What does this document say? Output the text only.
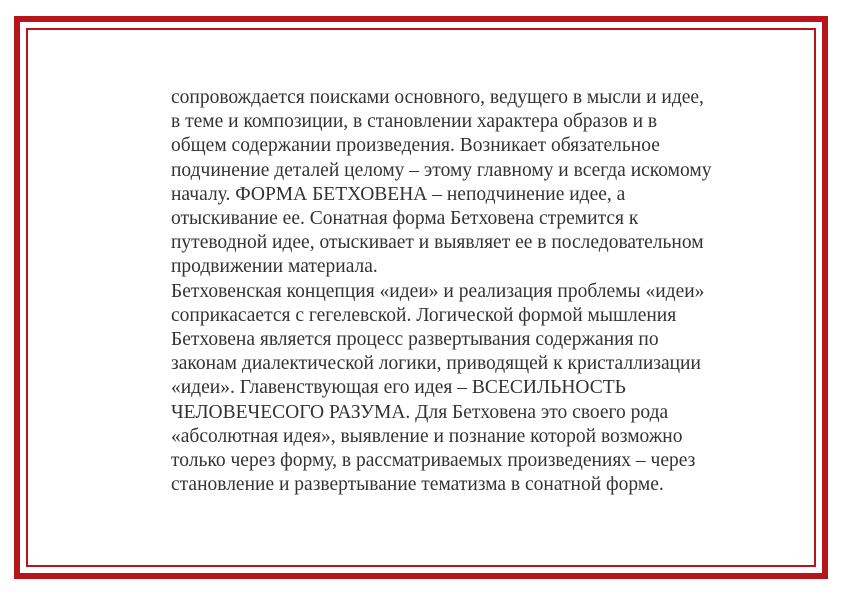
сопровождается поисками основного, ведущего в мысли и идее,
в теме и композиции, в становлении характера образов и в
общем содержании произведения. Возникает обязательное
подчинение деталей целому – этому главному и всегда искомому
началу. ФОРМА БЕТХОВЕНА – неподчинение идее, а
отыскивание ее. Сонатная форма Бетховена стремится к
путеводной идее, отыскивает и выявляет ее в последовательном
продвижении материала.
Бетховенская концепция «идеи» и реализация проблемы «идеи»
соприкасается с гегелевской. Логической формой мышления
Бетховена является процесс развертывания содержания по
законам диалектической логики, приводящей к кристаллизации
«идеи». Главенствующая его идея – ВСЕСИЛЬНОСТЬ
ЧЕЛОВЕЧЕСОГО РАЗУМА. Для Бетховена это своего рода
«абсолютная идея», выявление и познание которой возможно
только через форму, в рассматриваемых произведениях – через
становление и развертывание тематизма в сонатной форме.
